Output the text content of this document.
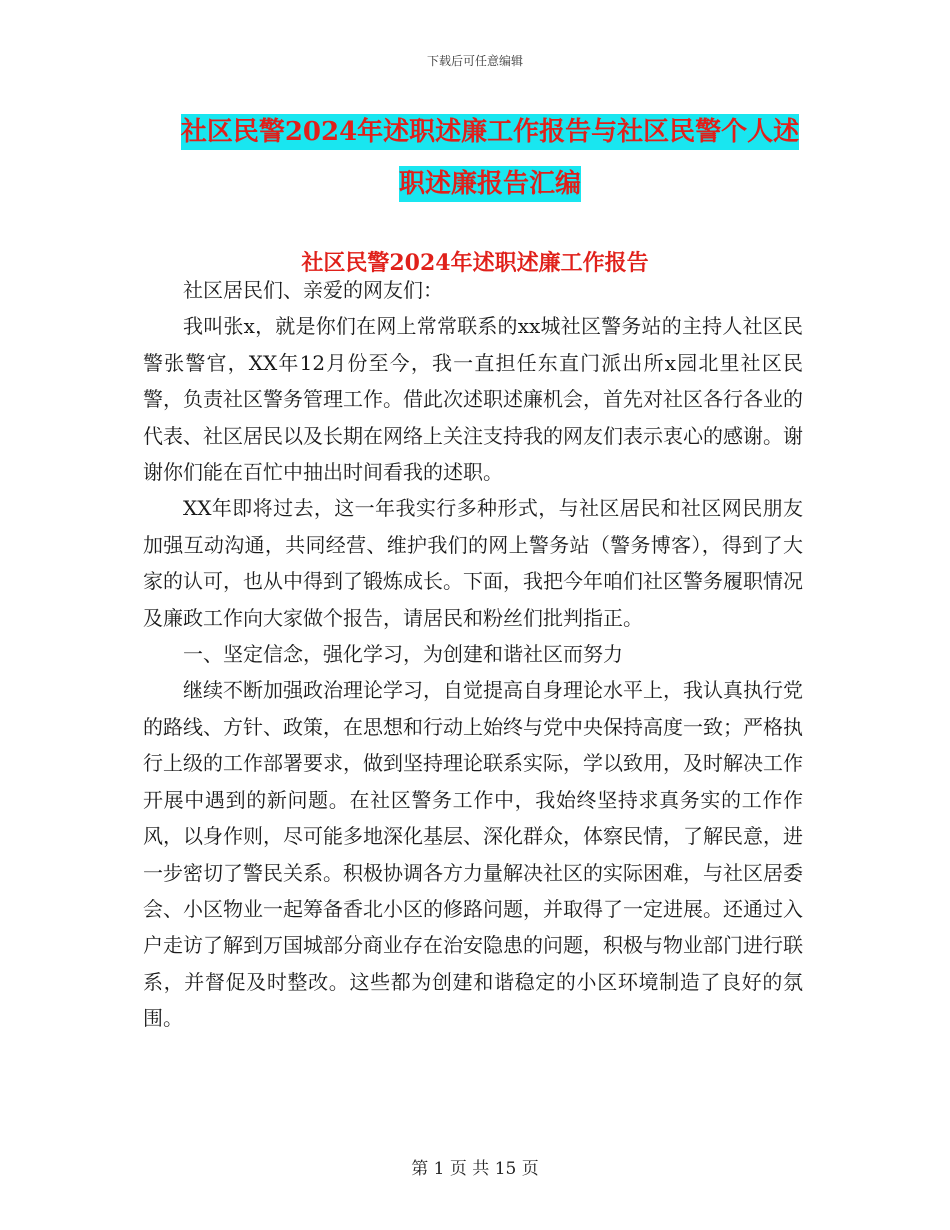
下载后可任意编辑
社区民警2024年述职述廉工作报告与社区民警个人述
职述廉报告汇编
社区民警2024年述职述廉工作报告

社区居民们、亲爱的网友们：

我叫张x，就是你们在网上常常联系的xx城社区警务站的主持人社区民警张警官，XX年12月份至今，我一直担任东直门派出所x园北里社区民警，负责社区警务管理工作。借此次述职述廉机会，首先对社区各行各业的代表、社区居民以及长期在网络上关注支持我的网友们表示衷心的感谢。谢谢你们能在百忙中抽出时间看我的述职。

XX年即将过去，这一年我实行多种形式，与社区居民和社区网民朋友加强互动沟通，共同经营、维护我们的网上警务站（警务博客），得到了大家的认可，也从中得到了锻炼成长。下面，我把今年咱们社区警务履职情况及廉政工作向大家做个报告，请居民和粉丝们批判指正。

一、坚定信念，强化学习，为创建和谐社区而努力

继续不断加强政治理论学习，自觉提高自身理论水平上，我认真执行党的路线、方针、政策，在思想和行动上始终与党中央保持高度一致；严格执行上级的工作部署要求，做到坚持理论联系实际，学以致用，及时解决工作开展中遇到的新问题。在社区警务工作中，我始终坚持求真务实的工作作风，以身作则，尽可能多地深化基层、深化群众，体察民情，了解民意，进一步密切了警民关系。积极协调各方力量解决社区的实际困难，与社区居委会、小区物业一起筹备香北小区的修路问题，并取得了一定进展。还通过入户走访了解到万国城部分商业存在治安隐患的问题，积极与物业部门进行联系，并督促及时整改。这些都为创建和谐稳定的小区环境制造了良好的氛围。

第 1 页 共 15 页
